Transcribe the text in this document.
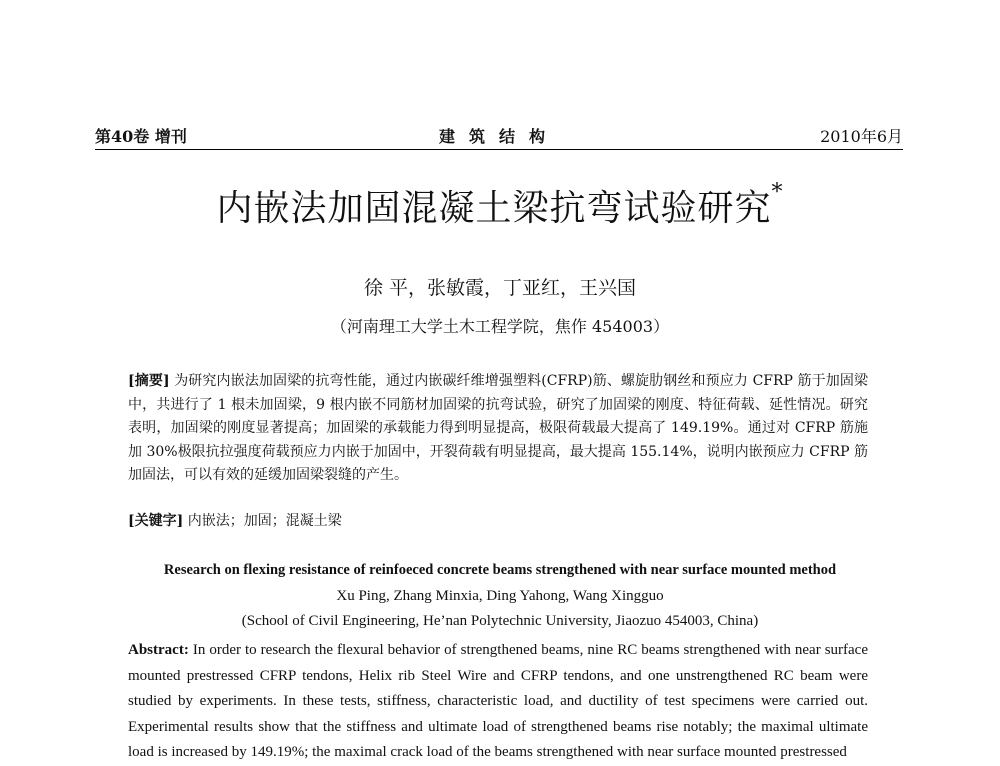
第40卷 增刊	建筑结构	2010年6月
内嵌法加固混凝土梁抗弯试验研究*
徐 平，张敏霞，丁亚红，王兴国
（河南理工大学土木工程学院，焦作 454003）
[摘要] 为研究内嵌法加固梁的抗弯性能，通过内嵌碳纤维增强塑料(CFRP)筋、螺旋肋钢丝和预应力 CFRP 筋于加固梁中，共进行了 1 根未加固梁，9 根内嵌不同筋材加固梁的抗弯试验，研究了加固梁的刚度、特征荷载、延性情况。研究表明，加固梁的刚度显著提高；加固梁的承载能力得到明显提高，极限荷载最大提高了 149.19%。通过对 CFRP 筋施加 30%极限抗拉强度荷载预应力内嵌于加固中，开裂荷载有明显提高，最大提高 155.14%，说明内嵌预应力 CFRP 筋加固法，可以有效的延缓加固梁裂缝的产生。
[关键字] 内嵌法；加固；混凝土梁
Research on flexing resistance of reinfoeced concrete beams strengthened with near surface mounted method
Xu Ping, Zhang Minxia, Ding Yahong, Wang Xingguo
(School of Civil Engineering, He’nan Polytechnic University, Jiaozuo 454003, China)
Abstract: In order to research the flexural behavior of strengthened beams, nine RC beams strengthened with near surface mounted prestressed CFRP tendons, Helix rib Steel Wire and CFRP tendons, and one unstrengthened RC beam were studied by experiments. In these tests, stiffness, characteristic load, and ductility of test specimens were carried out. Experimental results show that the stiffness and ultimate load of strengthened beams rise notably; the maximal ultimate load is increased by 149.19%; the maximal crack load of the beams strengthened with near surface mounted prestressed
